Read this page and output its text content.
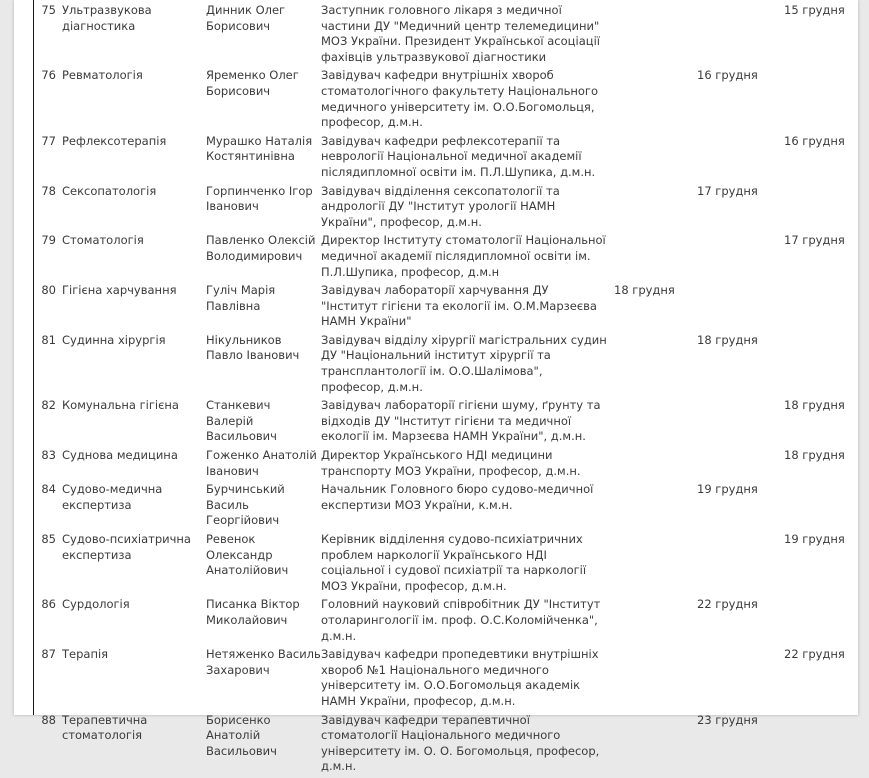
75	Ультразвукова діагностика	Динник Олег Борисович	Заступник головного лікаря з медичної частини ДУ "Медичний центр телемедицини" МОЗ України. Президент Української асоціації фахівців ультразвукової діагностики			15 грудня
76	Ревматологія	Яременко Олег Борисович	Завідувач кафедри внутрішніх хвороб стоматологічного факультету Національного медичного університету ім. О.О.Богомольця, професор, д.м.н.		16 грудня	
77	Рефлексотерапія	Мурашко Наталія Костянтинівна	Завідувач кафедри рефлексотерапії та неврології Національної медичної академії післядипломної освіти ім. П.Л.Шупика, д.м.н.			16 грудня
78	Сексопатологія	Горпинченко Ігор Іванович	Завідувач відділення сексопатології та андрології ДУ "Інститут урології НАМН України", професор, д.м.н.		17 грудня	
79	Стоматологія	Павленко Олексій Володимирович	Директор Інституту стоматології Національної медичної академії післядипломної освіти ім. П.Л.Шупика, професор, д.м.н			17 грудня
80	Гігієна харчування	Гуліч Марія Павлівна	Завідувач лабораторії харчування ДУ "Інститут гігієни та екології ім. О.М.Марзеєва НАМН України"	18 грудня		
81	Судинна хірургія	Нікульников Павло Іванович	Завідувач відділу хірургії магістральних судин ДУ "Національний інститут хірургії та трансплантології ім. О.О.Шалімова", професор, д.м.н.		18 грудня	
82	Комунальна гігієна	Станкевич Валерій Васильович	Завідувач лабораторії гігієни шуму, ґрунту та відходів ДУ "Інститут гігієни та медичної екології ім. Марзеєва НАМН України", д.м.н.			18 грудня
83	Суднова медицина	Гоженко Анатолій Іванович	Директор Українського НДІ медицини транспорту МОЗ України, професор, д.м.н.			18 грудня
84	Судово-медична експертиза	Бурчинський Василь Георгійович	Начальник Головного бюро судово-медичної експертизи МОЗ України, к.м.н.		19 грудня	
85	Судово-психіатрична експертиза	Ревенок Олександр Анатолійович	Керівник відділення судово-психіатричних проблем наркології Українського НДІ соціальної і судової психіатрії та наркології МОЗ України, професор, д.м.н.			19 грудня
86	Сурдологія	Писанка Віктор Миколайович	Головний науковий співробітник ДУ "Інститут отоларингології ім. проф. О.С.Коломійченка", д.м.н.		22 грудня	
87	Терапія	Нетяженко Василь Захарович	Завідувач кафедри пропедевтики внутрішніх хвороб №1 Національного медичного університету ім. О.О.Богомольця академік НАМН України, професор, д.м.н.			22 грудня
88	Терапевтична стоматологія	Борисенко Анатолій Васильович	Завідувач кафедри терапевтичної стоматології Національного медичного університету ім. О. О. Богомольця, професор, д.м.н.		23 грудня	
